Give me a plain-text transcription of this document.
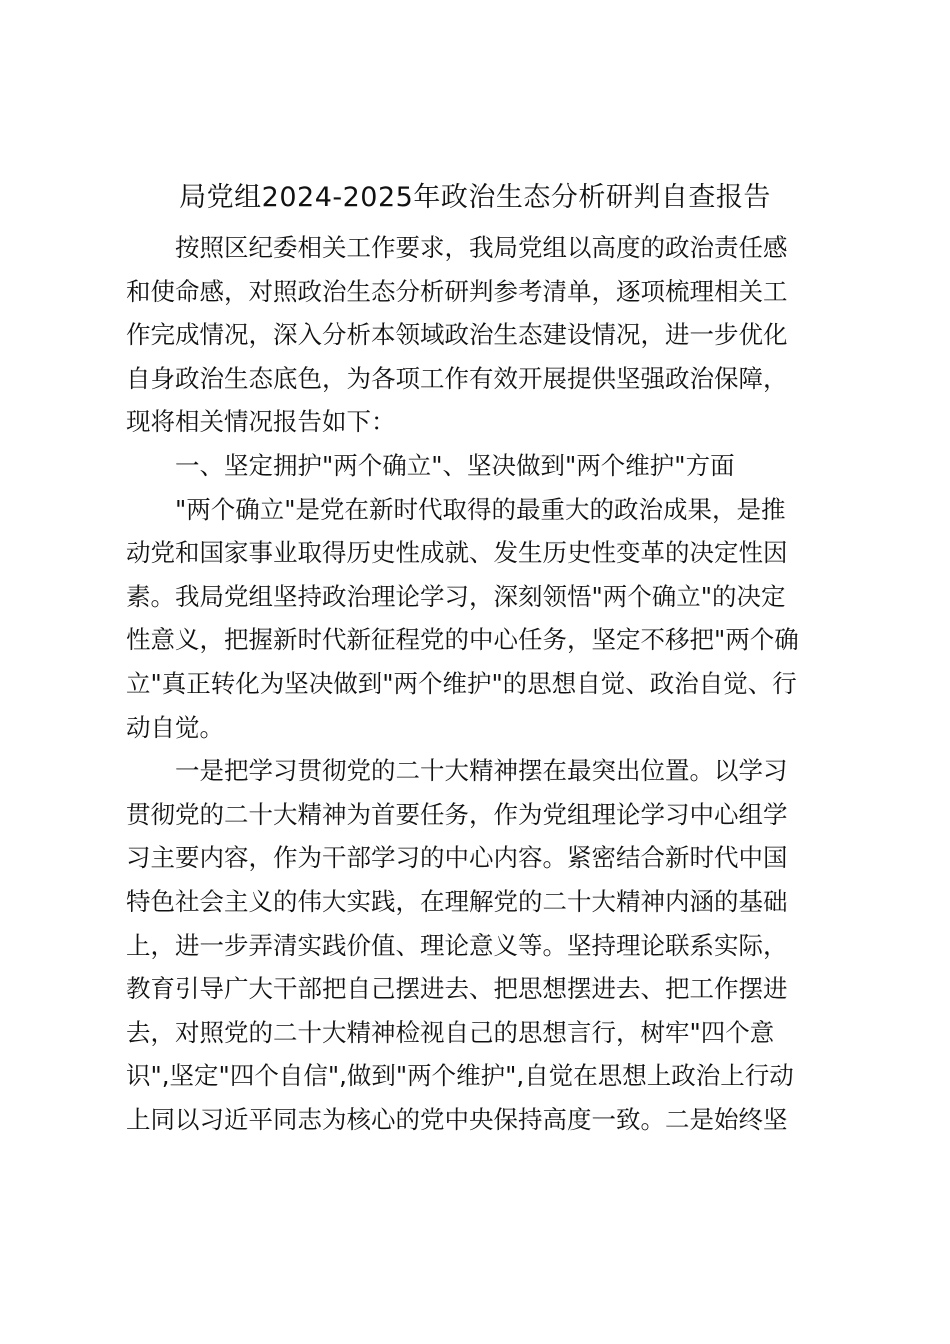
局党组2024-2025年政治生态分析研判自查报告
按照区纪委相关工作要求，我局党组以高度的政治责任感
和使命感，对照政治生态分析研判参考清单，逐项梳理相关工
作完成情况，深入分析本领域政治生态建设情况，进一步优化
自身政治生态底色，为各项工作有效开展提供坚强政治保障，
现将相关情况报告如下：
一、坚定拥护"两个确立"、坚决做到"两个维护"方面
"两个确立"是党在新时代取得的最重大的政治成果，是推
动党和国家事业取得历史性成就、发生历史性变革的决定性因
素。我局党组坚持政治理论学习，深刻领悟"两个确立"的决定
性意义，把握新时代新征程党的中心任务，坚定不移把"两个确
立"真正转化为坚决做到"两个维护"的思想自觉、政治自觉、行
动自觉。
一是把学习贯彻党的二十大精神摆在最突出位置。以学习
贯彻党的二十大精神为首要任务，作为党组理论学习中心组学
习主要内容，作为干部学习的中心内容。紧密结合新时代中国
特色社会主义的伟大实践，在理解党的二十大精神内涵的基础
上，进一步弄清实践价值、理论意义等。坚持理论联系实际，
教育引导广大干部把自己摆进去、把思想摆进去、把工作摆进
去，对照党的二十大精神检视自己的思想言行，树牢"四个意
识",坚定"四个自信",做到"两个维护",自觉在思想上政治上行动
上同以习近平同志为核心的党中央保持高度一致。二是始终坚
